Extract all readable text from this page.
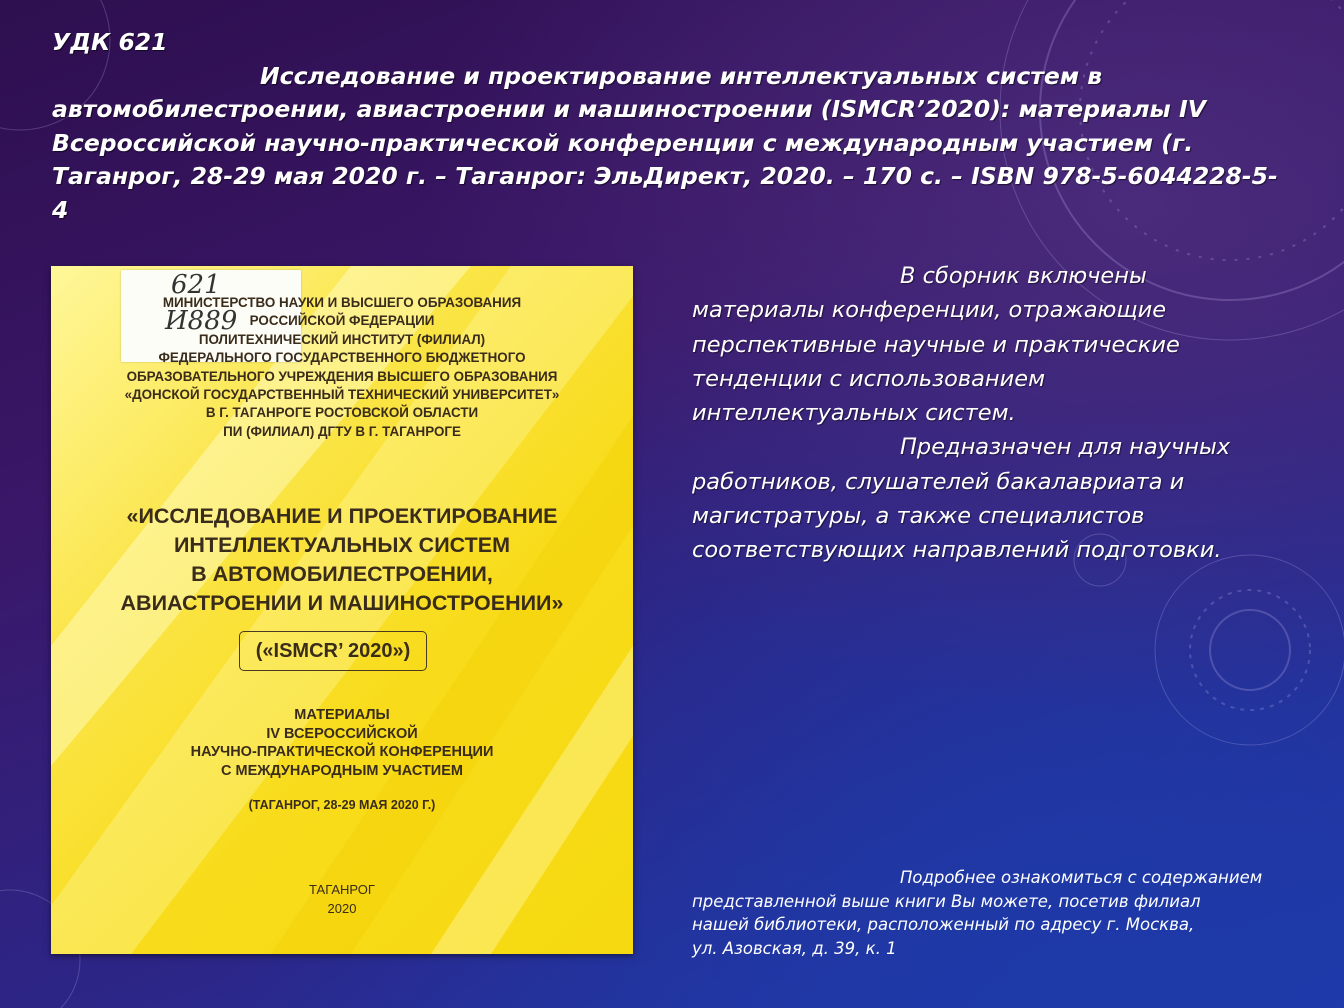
УДК 621

Исследование и проектирование интеллектуальных систем в автомобилестроении, авиастроении и машиностроении (ISMCR’2020): материалы IV Всероссийской научно-практической конференции с международным участием (г. Таганрог, 28-29 мая 2020 г. – Таганрог: ЭльДирект, 2020. – 170 с. – ISBN 978-5-6044228-5-4

621
И889
МИНИСТЕРСТВО НАУКИ И ВЫСШЕГО ОБРАЗОВАНИЯ
РОССИЙСКОЙ ФЕДЕРАЦИИ
ПОЛИТЕХНИЧЕСКИЙ ИНСТИТУТ (ФИЛИАЛ)
ФЕДЕРАЛЬНОГО ГОСУДАРСТВЕННОГО БЮДЖЕТНОГО
ОБРАЗОВАТЕЛЬНОГО УЧРЕЖДЕНИЯ ВЫСШЕГО ОБРАЗОВАНИЯ
«ДОНСКОЙ ГОСУДАРСТВЕННЫЙ ТЕХНИЧЕСКИЙ УНИВЕРСИТЕТ»
В Г. ТАГАНРОГЕ РОСТОВСКОЙ ОБЛАСТИ
ПИ (ФИЛИАЛ) ДГТУ В Г. ТАГАНРОГЕ
«ИССЛЕДОВАНИЕ И ПРОЕКТИРОВАНИЕ
ИНТЕЛЛЕКТУАЛЬНЫХ СИСТЕМ
В АВТОМОБИЛЕСТРОЕНИИ,
АВИАСТРОЕНИИ И МАШИНОСТРОЕНИИ»
(«ISMCR’ 2020»)
МАТЕРИАЛЫ
IV ВСЕРОССИЙСКОЙ
НАУЧНО-ПРАКТИЧЕСКОЙ КОНФЕРЕНЦИИ
С МЕЖДУНАРОДНЫМ УЧАСТИЕМ
(ТАГАНРОГ, 28-29 МАЯ 2020 Г.)
ТАГАНРОГ
2020
В сборник включены
материалы конференции, отражающие
перспективные научные и практические
тенденции с использованием
интеллектуальных систем.
Предназначен для научных
работников, слушателей бакалавриата и
магистратуры, а также специалистов
соответствующих направлений подготовки.
Подробнее ознакомиться с содержанием
представленной выше книги Вы можете, посетив филиал
нашей библиотеки, расположенный по адресу г. Москва,
ул. Азовская, д. 39, к. 1
